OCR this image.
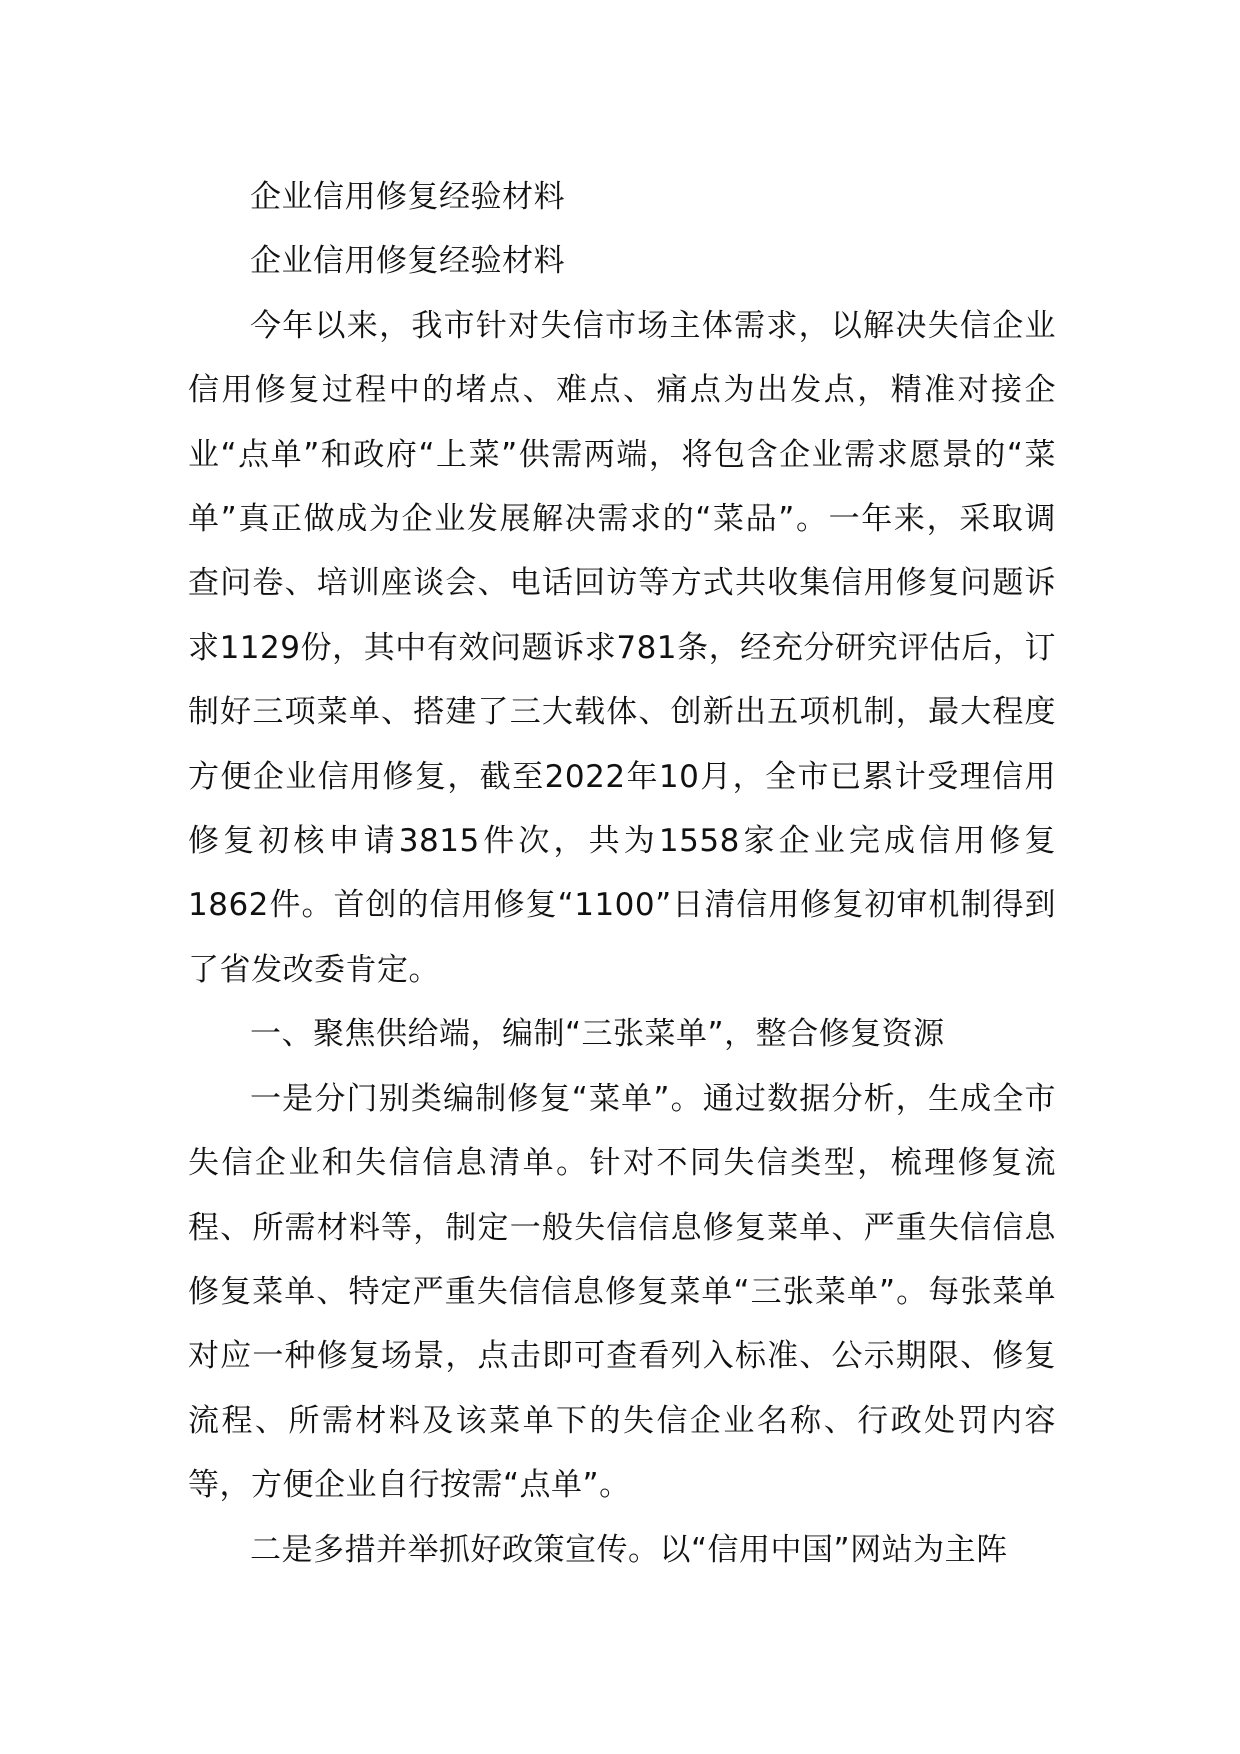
企业信用修复经验材料

企业信用修复经验材料

今年以来，我市针对失信市场主体需求，以解决失信企业信用修复过程中的堵点、难点、痛点为出发点，精准对接企业“点单”和政府“上菜”供需两端，将包含企业需求愿景的“菜单”真正做成为企业发展解决需求的“菜品”。一年来，采取调查问卷、培训座谈会、电话回访等方式共收集信用修复问题诉求1129份，其中有效问题诉求781条，经充分研究评估后，订制好三项菜单、搭建了三大载体、创新出五项机制，最大程度方便企业信用修复，截至2022年10月，全市已累计受理信用修复初核申请3815件次，共为1558家企业完成信用修复1862件。首创的信用修复“1100”日清信用修复初审机制得到了省发改委肯定。

一、聚焦供给端，编制“三张菜单”，整合修复资源

一是分门别类编制修复“菜单”。通过数据分析，生成全市失信企业和失信信息清单。针对不同失信类型，梳理修复流程、所需材料等，制定一般失信信息修复菜单、严重失信信息修复菜单、特定严重失信信息修复菜单“三张菜单”。每张菜单对应一种修复场景，点击即可查看列入标准、公示期限、修复流程、所需材料及该菜单下的失信企业名称、行政处罚内容等，方便企业自行按需“点单”。

二是多措并举抓好政策宣传。以“信用中国”网站为主阵
